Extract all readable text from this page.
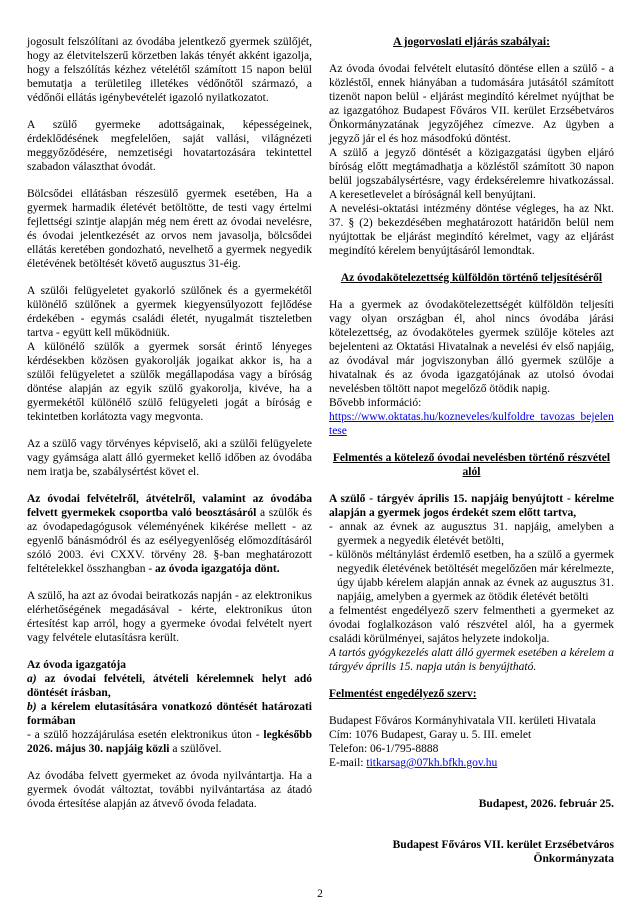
jogosult felszólítani az óvodába jelentkező gyermek szülőjét, hogy az életvitelszerű körzetben lakás tényét akként igazolja, hogy a felszólítás kézhez vételétől számított 15 napon belül bemutatja a területileg illetékes védőnőtől származó, a védőnői ellátás igénybevételét igazoló nyilatkozatot.

A szülő gyermeke adottságainak, képességeinek, érdeklődésének megfelelően, saját vallási, világnézeti meggyőződésére, nemzetiségi hovatartozására tekintettel szabadon választhat óvodát.

Bölcsődei ellátásban részesülő gyermek esetében, Ha a gyermek harmadik életévét betöltötte, de testi vagy értelmi fejlettségi szintje alapján még nem érett az óvodai nevelésre, és óvodai jelentkezését az orvos nem javasolja, bölcsődei ellátás keretében gondozható, nevelhető a gyermek negyedik életévének betöltését követő augusztus 31-éig.

A szülői felügyeletet gyakorló szülőnek és a gyermekétől különélő szülőnek a gyermek kiegyensúlyozott fejlődése érdekében - egymás családi életét, nyugalmát tiszteletben tartva - együtt kell működniük.

A különélő szülők a gyermek sorsát érintő lényeges kérdésekben közösen gyakorolják jogaikat akkor is, ha a szülői felügyeletet a szülők megállapodása vagy a bíróság döntése alapján az egyik szülő gyakorolja, kivéve, ha a gyermekétől különélő szülő felügyeleti jogát a bíróság e tekintetben korlátozta vagy megvonta.

Az a szülő vagy törvényes képviselő, aki a szülői felügyelete vagy gyámsága alatt álló gyermeket kellő időben az óvodába nem iratja be, szabálysértést követ el.

Az óvodai felvételről, átvételről, valamint az óvodába felvett gyermekek csoportba való beosztásáról a szülők és az óvodapedagógusok véleményének kikérése mellett - az egyenlő bánásmódról és az esélyegyenlőség előmozdításáról szóló 2003. évi CXXV. törvény 28. §-ban meghatározott feltételekkel összhangban - az óvoda igazgatója dönt.

A szülő, ha azt az óvodai beiratkozás napján - az elektronikus elérhetőségének megadásával - kérte, elektronikus úton értesítést kap arról, hogy a gyermeke óvodai felvételt nyert vagy felvétele elutasításra került.

Az óvoda igazgatója

a) az óvodai felvételi, átvételi kérelemnek helyt adó döntését írásban,

b) a kérelem elutasítására vonatkozó döntését határozati formában

- a szülő hozzájárulása esetén elektronikus úton - legkésőbb 2026. május 30. napjáig közli a szülővel.

Az óvodába felvett gyermeket az óvoda nyilvántartja. Ha a gyermek óvodát változtat, további nyilvántartása az átadó óvoda értesítése alapján az átvevő óvoda feladata.

A jogorvoslati eljárás szabályai:

Az óvoda óvodai felvételt elutasító döntése ellen a szülő - a közléstől, ennek hiányában a tudomására jutásától számított tizenöt napon belül - eljárást megindító kérelmet nyújthat be az igazgatóhoz Budapest Főváros VII. kerület Erzsébetváros Önkormányzatának jegyzőjéhez címezve. Az ügyben a jegyző jár el és hoz másodfokú döntést.

A szülő a jegyző döntését a közigazgatási ügyben eljáró bíróság előtt megtámadhatja a közléstől számított 30 napon belül jogszabálysértésre, vagy érdeksérelemre hivatkozással. A keresetlevelet a bíróságnál kell benyújtani.

A nevelési-oktatási intézmény döntése végleges, ha az Nkt. 37. § (2) bekezdésében meghatározott határidőn belül nem nyújtottak be eljárást megindító kérelmet, vagy az eljárást megindító kérelem benyújtásáról lemondtak.

Az óvodakötelezettség külföldön történő teljesítéséről

Ha a gyermek az óvodakötelezettségét külföldön teljesíti vagy olyan országban él, ahol nincs óvodába járási kötelezettség, az óvodaköteles gyermek szülője köteles azt bejelenteni az Oktatási Hivatalnak a nevelési év első napjáig, az óvodával már jogviszonyban álló gyermek szülője a hivatalnak és az óvoda igazgatójának az utolsó óvodai nevelésben töltött napot megelőző ötödik napig.

Bővebb információ:

https://www.oktatas.hu/kozneveles/kulfoldre_tavozas_bejelentese

Felmentés a kötelező óvodai nevelésben történő részvétel alól

A szülő - tárgyév április 15. napjáig benyújtott - kérelme alapján a gyermek jogos érdekét szem előtt tartva,

- annak az évnek az augusztus 31. napjáig, amelyben a gyermek a negyedik életévét betölti,

- különös méltánylást érdemlő esetben, ha a szülő a gyermek negyedik életévének betöltését megelőzően már kérelmezte, úgy újabb kérelem alapján annak az évnek az augusztus 31. napjáig, amelyben a gyermek az ötödik életévét betölti

a felmentést engedélyező szerv felmentheti a gyermeket az óvodai foglalkozáson való részvétel alól, ha a gyermek családi körülményei, sajátos helyzete indokolja.

A tartós gyógykezelés alatt álló gyermek esetében a kérelem a tárgyév április 15. napja után is benyújtható.

Felmentést engedélyező szerv:

Budapest Főváros Kormányhivatala VII. kerületi Hivatala

Cím: 1076 Budapest, Garay u. 5. III. emelet

Telefon: 06-1/795-8888

E-mail: titkarsag@07kh.bfkh.gov.hu

Budapest, 2026. február 25.

Budapest Főváros VII. kerület Erzsébetváros Önkormányzata

2
